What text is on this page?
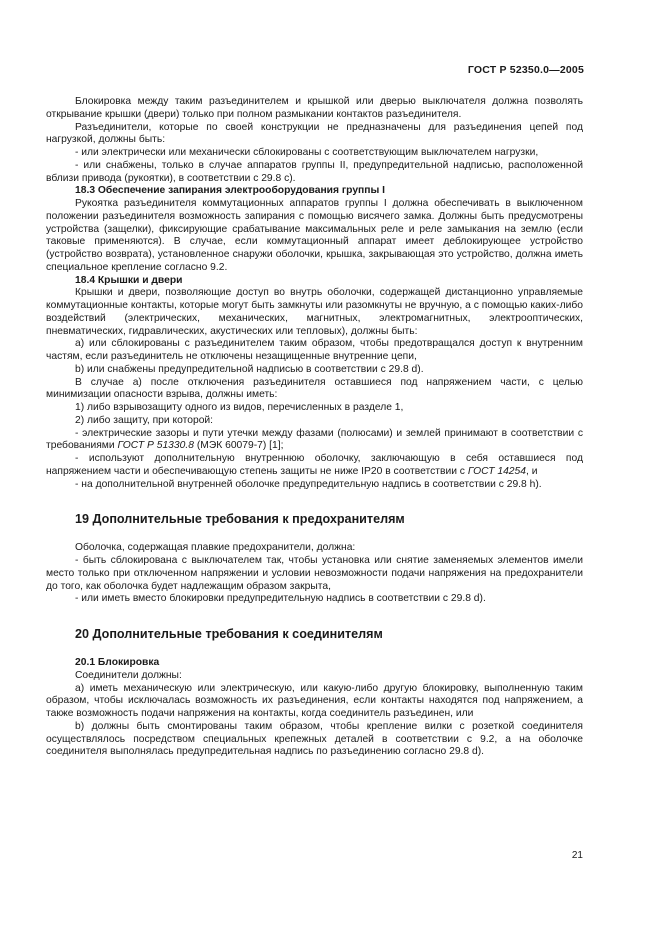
ГОСТ Р 52350.0—2005

Блокировка между таким разъединителем и крышкой или дверью выключателя должна позволять открывание крышки (двери) только при полном размыкании контактов разъединителя.

Разъединители, которые по своей конструкции не предназначены для разъединения цепей под нагрузкой, должны быть:

- или электрически или механически сблокированы с соответствующим выключателем нагрузки,

- или снабжены, только в случае аппаратов группы II, предупредительной надписью, расположенной вблизи привода (рукоятки), в соответствии с 29.8 с).

18.3 Обеспечение запирания электрооборудования группы I

Рукоятка разъединителя коммутационных аппаратов группы I должна обеспечивать в выключенном положении разъединителя возможность запирания с помощью висячего замка. Должны быть предусмотрены устройства (защелки), фиксирующие срабатывание максимальных реле и реле замыкания на землю (если таковые применяются). В случае, если коммутационный аппарат имеет деблокирующее устройство (устройство возврата), установленное снаружи оболочки, крышка, закрывающая это устройство, должна иметь специальное крепление согласно 9.2.

18.4 Крышки и двери

Крышки и двери, позволяющие доступ во внутрь оболочки, содержащей дистанционно управляемые коммутационные контакты, которые могут быть замкнуты или разомкнуты не вручную, а с помощью каких-либо воздействий (электрических, механических, магнитных, электромагнитных, электрооптических, пневматических, гидравлических, акустических или тепловых), должны быть:

а) или сблокированы с разъединителем таким образом, чтобы предотвращался доступ к внутренним частям, если разъединитель не отключены незащищенные внутренние цепи,

b) или снабжены предупредительной надписью в соответствии с 29.8 d).

В случае а) после отключения разъединителя оставшиеся под напряжением части, с целью минимизации опасности взрыва, должны иметь:

1) либо взрывозащиту одного из видов, перечисленных в разделе 1,

2) либо защиту, при которой:

- электрические зазоры и пути утечки между фазами (полюсами) и землей принимают в соответствии с требованиями ГОСТ Р 51330.8 (МЭК 60079-7) [1];

- используют дополнительную внутреннюю оболочку, заключающую в себя оставшиеся под напряжением части и обеспечивающую степень защиты не ниже IP20 в соответствии с ГОСТ 14254, и

- на дополнительной внутренней оболочке предупредительную надпись в соответствии с 29.8 h).

19 Дополнительные требования к предохранителям

Оболочка, содержащая плавкие предохранители, должна:

- быть сблокирована с выключателем так, чтобы установка или снятие заменяемых элементов имели место только при отключенном напряжении и условии невозможности подачи напряжения на предохранители до того, как оболочка будет надлежащим образом закрыта,

- или иметь вместо блокировки предупредительную надпись в соответствии с 29.8 d).

20 Дополнительные требования к соединителям

20.1 Блокировка

Соединители должны:

а) иметь механическую или электрическую, или какую-либо другую блокировку, выполненную таким образом, чтобы исключалась возможность их разъединения, если контакты находятся под напряжением, а также возможность подачи напряжения на контакты, когда соединитель разъединен, или

b) должны быть смонтированы таким образом, чтобы крепление вилки с розеткой соединителя осуществлялось посредством специальных крепежных деталей в соответствии с 9.2, а на оболочке соединителя выполнялась предупредительная надпись по разъединению согласно 29.8 d).

21
